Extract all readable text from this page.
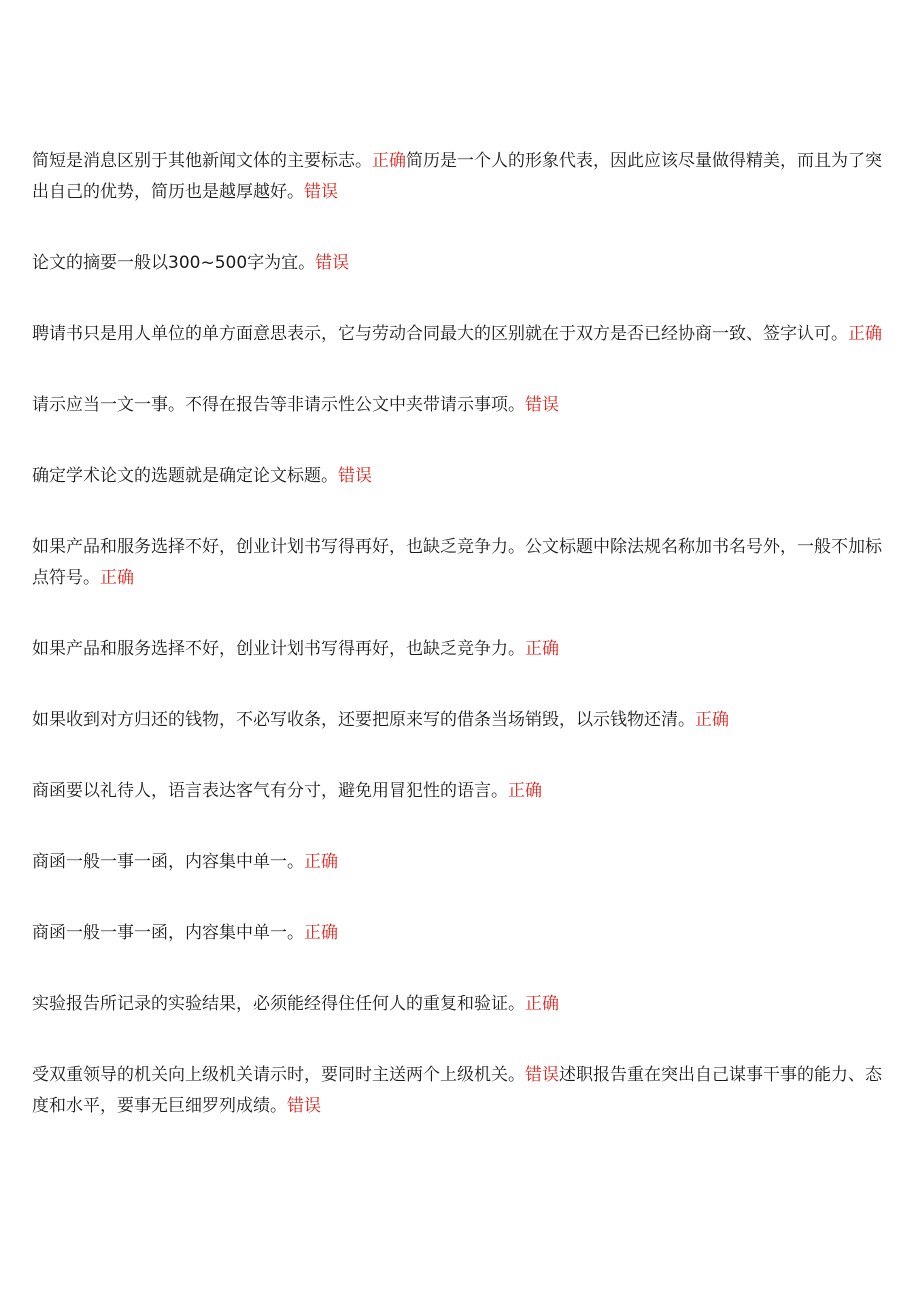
简短是消息区别于其他新闻文体的主要标志。正确简历是一个人的形象代表，因此应该尽量做得精美，而且为了突出自己的优势，简历也是越厚越好。错误

论文的摘要一般以300~500字为宜。错误

聘请书只是用人单位的单方面意思表示，它与劳动合同最大的区别就在于双方是否已经协商一致、签字认可。正确

请示应当一文一事。不得在报告等非请示性公文中夹带请示事项。错误

确定学术论文的选题就是确定论文标题。错误

如果产品和服务选择不好，创业计划书写得再好，也缺乏竞争力。公文标题中除法规名称加书名号外，一般不加标点符号。正确

如果产品和服务选择不好，创业计划书写得再好，也缺乏竞争力。正确

如果收到对方归还的钱物，不必写收条，还要把原来写的借条当场销毁，以示钱物还清。正确

商函要以礼待人，语言表达客气有分寸，避免用冒犯性的语言。正确

商函一般一事一函，内容集中单一。正确

商函一般一事一函，内容集中单一。正确

实验报告所记录的实验结果，必须能经得住任何人的重复和验证。正确

受双重领导的机关向上级机关请示时，要同时主送两个上级机关。错误述职报告重在突出自己谋事干事的能力、态度和水平，要事无巨细罗列成绩。错误
